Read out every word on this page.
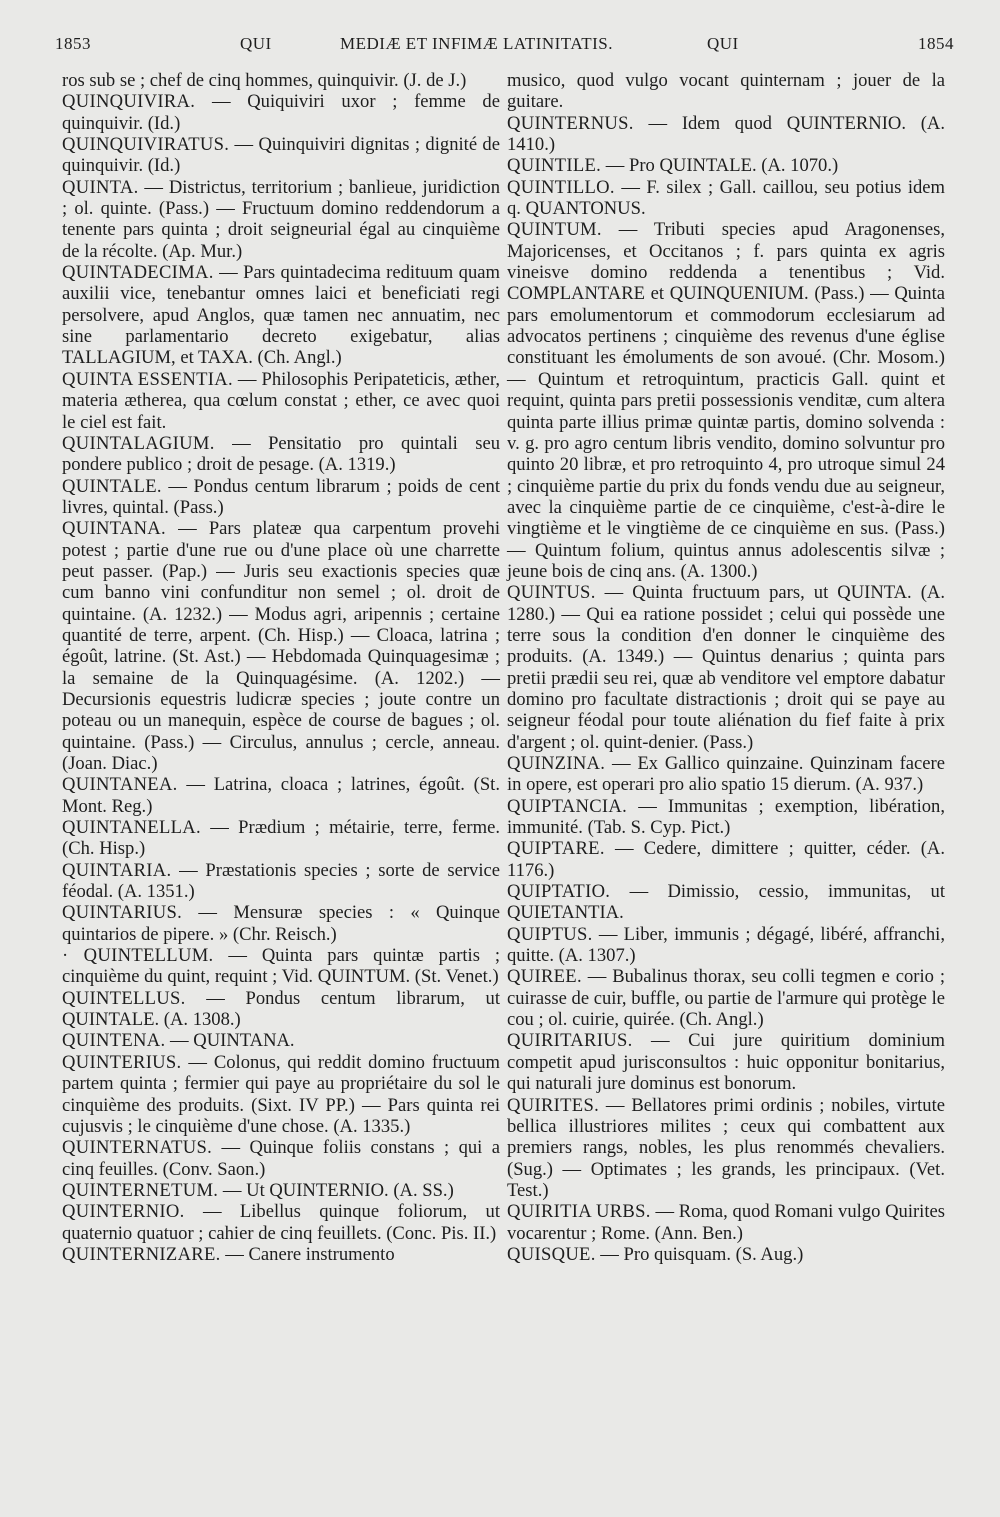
1853	QUI	MEDIÆ ET INFIMÆ LATINITATIS.	QUI	1854

ros sub se ; chef de cinq hommes, quinquivir. (J. de J.)

QUINQUIVIRA. — Quiquiviri uxor ; femme de quinquivir. (Id.)

QUINQUIVIRATUS. — Quinquiviri dignitas ; dignité de quinquivir. (Id.)

QUINTA. — Districtus, territorium ; banlieue, juridiction ; ol. quinte. (Pass.) — Fructuum domino reddendorum a tenente pars quinta ; droit seigneurial égal au cinquième de la récolte. (Ap. Mur.)

QUINTADECIMA. — Pars quintadecima redituum quam auxilii vice, tenebantur omnes laici et beneficiati regi persolvere, apud Anglos, quæ tamen nec annuatim, nec sine parlamentario decreto exigebatur, alias TALLAGIUM, et TAXA. (Ch. Angl.)

QUINTA ESSENTIA. — Philosophis Peripateticis, æther, materia ætherea, qua cœlum constat ; ether, ce avec quoi le ciel est fait.

QUINTALAGIUM. — Pensitatio pro quintali seu pondere publico ; droit de pesage. (A. 1319.)

QUINTALE. — Pondus centum librarum ; poids de cent livres, quintal. (Pass.)

QUINTANA. — Pars plateæ qua carpentum provehi potest ; partie d'une rue ou d'une place où une charrette peut passer. (Pap.) — Juris seu exactionis species quæ cum banno vini confunditur non semel ; ol. droit de quintaine. (A. 1232.) — Modus agri, aripennis ; certaine quantité de terre, arpent. (Ch. Hisp.) — Cloaca, latrina ; égoût, latrine. (St. Ast.) — Hebdomada Quinquagesimæ ; la semaine de la Quinquagésime. (A. 1202.) — Decursionis equestris ludicræ species ; joute contre un poteau ou un manequin, espèce de course de bagues ; ol. quintaine. (Pass.) — Circulus, annulus ; cercle, anneau. (Joan. Diac.)

QUINTANEA. — Latrina, cloaca ; latrines, égoût. (St. Mont. Reg.)

QUINTANELLA. — Prædium ; métairie, terre, ferme. (Ch. Hisp.)

QUINTARIA. — Præstationis species ; sorte de service féodal. (A. 1351.)

QUINTARIUS. — Mensuræ species : « Quinque quintarios de pipere. » (Chr. Reisch.)

· QUINTELLUM. — Quinta pars quintæ partis ; cinquième du quint, requint ; Vid. QUINTUM. (St. Venet.)

QUINTELLUS. — Pondus centum librarum, ut QUINTALE. (A. 1308.)

QUINTENA. — QUINTANA.

QUINTERIUS. — Colonus, qui reddit domino fructuum partem quinta ; fermier qui paye au propriétaire du sol le cinquième des produits. (Sixt. IV PP.) — Pars quinta rei cujusvis ; le cinquième d'une chose. (A. 1335.)

QUINTERNATUS. — Quinque foliis constans ; qui a cinq feuilles. (Conv. Saon.)

QUINTERNETUM. — Ut QUINTERNIO. (A. SS.)

QUINTERNIO. — Libellus quinque foliorum, ut quaternio quatuor ; cahier de cinq feuillets. (Conc. Pis. II.)

QUINTERNIZARE. — Canere instrumento

musico, quod vulgo vocant quinternam ; jouer de la guitare.

QUINTERNUS. — Idem quod QUINTERNIO. (A. 1410.)

QUINTILE. — Pro QUINTALE. (A. 1070.)

QUINTILLO. — F. silex ; Gall. caillou, seu potius idem q. QUANTONUS.

QUINTUM. — Tributi species apud Aragonenses, Majoricenses, et Occitanos ; f. pars quinta ex agris vineisve domino reddenda a tenentibus ; Vid. COMPLANTARE et QUINQUENIUM. (Pass.) — Quinta pars emolumentorum et commodorum ecclesiarum ad advocatos pertinens ; cinquième des revenus d'une église constituant les émoluments de son avoué. (Chr. Mosom.) — Quintum et retroquintum, practicis Gall. quint et requint, quinta pars pretii possessionis venditæ, cum altera quinta parte illius primæ quintæ partis, domino solvenda : v. g. pro agro centum libris vendito, domino solvuntur pro quinto 20 libræ, et pro retroquinto 4, pro utroque simul 24 ; cinquième partie du prix du fonds vendu due au seigneur, avec la cinquième partie de ce cinquième, c'est-à-dire le vingtième et le vingtième de ce cinquième en sus. (Pass.) — Quintum folium, quintus annus adolescentis silvæ ; jeune bois de cinq ans. (A. 1300.)

QUINTUS. — Quinta fructuum pars, ut QUINTA. (A. 1280.) — Qui ea ratione possidet ; celui qui possède une terre sous la condition d'en donner le cinquième des produits. (A. 1349.) — Quintus denarius ; quinta pars pretii prædii seu rei, quæ ab venditore vel emptore dabatur domino pro facultate distractionis ; droit qui se paye au seigneur féodal pour toute aliénation du fief faite à prix d'argent ; ol. quint-denier. (Pass.)

QUINZINA. — Ex Gallico quinzaine. Quinzinam facere in opere, est operari pro alio spatio 15 dierum. (A. 937.)

QUIPTANCIA. — Immunitas ; exemption, libération, immunité. (Tab. S. Cyp. Pict.)

QUIPTARE. — Cedere, dimittere ; quitter, céder. (A. 1176.)

QUIPTATIO. — Dimissio, cessio, immunitas, ut QUIETANTIA.

QUIPTUS. — Liber, immunis ; dégagé, libéré, affranchi, quitte. (A. 1307.)

QUIREE. — Bubalinus thorax, seu colli tegmen e corio ; cuirasse de cuir, buffle, ou partie de l'armure qui protège le cou ; ol. cuirie, quirée. (Ch. Angl.)

QUIRITARIUS. — Cui jure quiritium dominium competit apud jurisconsultos : huic opponitur bonitarius, qui naturali jure dominus est bonorum.

QUIRITES. — Bellatores primi ordinis ; nobiles, virtute bellica illustriores milites ; ceux qui combattent aux premiers rangs, nobles, les plus renommés chevaliers. (Sug.) — Optimates ; les grands, les principaux. (Vet. Test.)

QUIRITIA URBS. — Roma, quod Romani vulgo Quirites vocarentur ; Rome. (Ann. Ben.)

QUISQUE. — Pro quisquam. (S. Aug.)
